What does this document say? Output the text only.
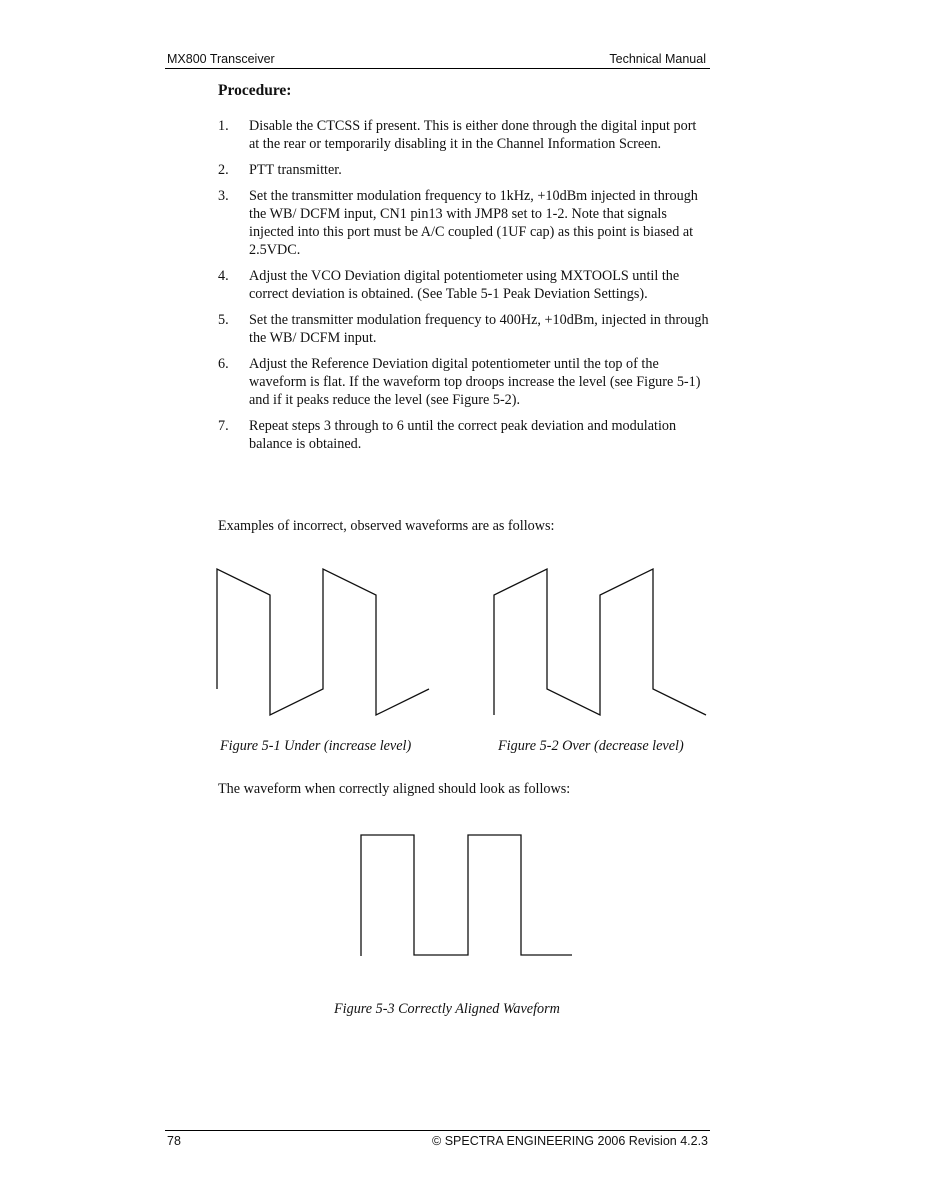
MX800 Transceiver	Technical Manual
Procedure:
1.	Disable the CTCSS if present. This is either done through the digital input port at the rear or temporarily disabling it in the Channel Information Screen.
2.	PTT transmitter.
3.	Set the transmitter modulation frequency to 1kHz, +10dBm injected in through the WB/ DCFM input, CN1 pin13 with JMP8 set to 1-2. Note that signals injected into this port must be A/C coupled (1UF cap) as this point is biased at 2.5VDC.
4.	Adjust the VCO Deviation digital potentiometer using MXTOOLS until the correct deviation is obtained. (See Table 5-1 Peak Deviation Settings).
5.	Set the transmitter modulation frequency to 400Hz, +10dBm, injected in through the WB/ DCFM input.
6.	Adjust the Reference Deviation digital potentiometer until the top of the waveform is flat. If the waveform top droops increase the level (see Figure 5-1) and if it peaks reduce the level (see Figure 5-2).
7.	Repeat steps 3 through to 6 until the correct peak deviation and modulation balance is obtained.
Examples of incorrect, observed waveforms are as follows:
Figure 5-1 Under (increase level)	Figure 5-2 Over (decrease level)
The waveform when correctly aligned should look as follows:
Figure 5-3 Correctly Aligned Waveform
78	© SPECTRA ENGINEERING 2006 Revision 4.2.3
